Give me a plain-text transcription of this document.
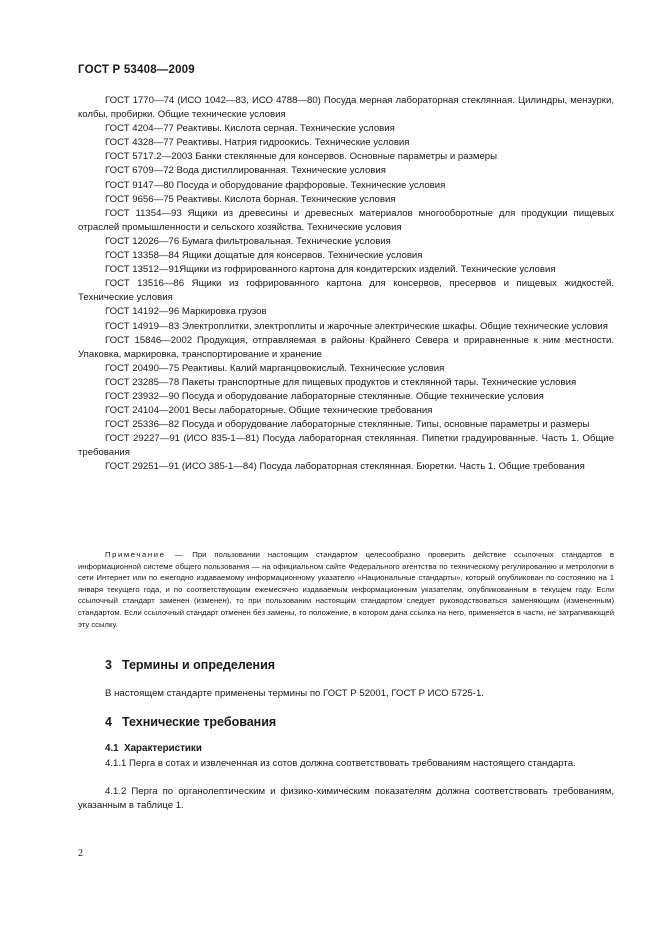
ГОСТ Р 53408—2009

ГОСТ 1770—74 (ИСО 1042—83, ИСО 4788—80) Посуда мерная лабораторная стеклянная. Цилиндры, мензурки, колбы, пробирки. Общие технические условия

ГОСТ 4204—77 Реактивы. Кислота серная. Технические условия

ГОСТ 4328—77 Реактивы. Натрия гидроокись. Технические условия

ГОСТ 5717.2—2003 Банки стеклянные для консервов. Основные параметры и размеры

ГОСТ 6709—72 Вода дистиллированная. Технические условия

ГОСТ 9147—80 Посуда и оборудование фарфоровые. Технические условия

ГОСТ 9656—75 Реактивы. Кислота борная. Технические условия

ГОСТ 11354—93 Ящики из древесины и древесных материалов многооборотные для продукции пищевых отраслей промышленности и сельского хозяйства. Технические условия

ГОСТ 12026—76 Бумага фильтровальная. Технические условия

ГОСТ 13358—84 Ящики дощатые для консервов. Технические условия

ГОСТ 13512—91Ящики из гофрированного картона для кондитерских изделий. Технические условия

ГОСТ 13516—86 Ящики из гофрированного картона для консервов, пресервов и пищевых жидкостей. Технические условия

ГОСТ 14192—96 Маркировка грузов

ГОСТ 14919—83 Электроплитки, электроплиты и жарочные электрические шкафы. Общие технические условия

ГОСТ 15846—2002 Продукция, отправляемая в районы Крайнего Севера и приравненные к ним местности. Упаковка, маркировка, транспортирование и хранение

ГОСТ 20490—75 Реактивы. Калий марганцовокислый. Технические условия

ГОСТ 23285—78 Пакеты транспортные для пищевых продуктов и стеклянной тары. Технические условия

ГОСТ 23932—90 Посуда и оборудование лабораторные стеклянные. Общие технические условия

ГОСТ 24104—2001 Весы лабораторные. Общие технические требования

ГОСТ 25336—82 Посуда и оборудование лабораторные стеклянные. Типы, основные параметры и размеры

ГОСТ 29227—91 (ИСО 835-1—81) Посуда лабораторная стеклянная. Пипетки градуированные. Часть 1. Общие требования

ГОСТ 29251—91 (ИСО 385-1—84) Посуда лабораторная стеклянная. Бюретки. Часть 1. Общие требования

Примечание — При пользовании настоящим стандартом целесообразно проверить действие ссылочных стандартов в информационной системе общего пользования — на официальном сайте Федерального агентства по техническому регулированию и метрологии в сети Интернет или по ежегодно издаваемому информационному указателю «Национальные стандарты», который опубликован по состоянию на 1 января текущего года, и по соответствующим ежемесячно издаваемым информационным указателям, опубликованным в текущем году. Если ссылочный стандарт заменен (изменен), то при пользовании настоящим стандартом следует руководствоваться заменяющим (измененным) стандартом. Если ссылочный стандарт отменен без замены, то положение, в котором дана ссылка на него, применяется в части, не затрагивающей эту ссылку.

3 Термины и определения

В настоящем стандарте применены термины по ГОСТ Р 52001, ГОСТ Р ИСО 5725-1.

4 Технические требования
4.1 Характеристики

4.1.1 Перга в сотах и извлеченная из сотов должна соответствовать требованиям настоящего стандарта.

4.1.2 Перга по органолептическим и физико-химическим показателям должна соответствовать требованиям, указанным в таблице 1.

2
